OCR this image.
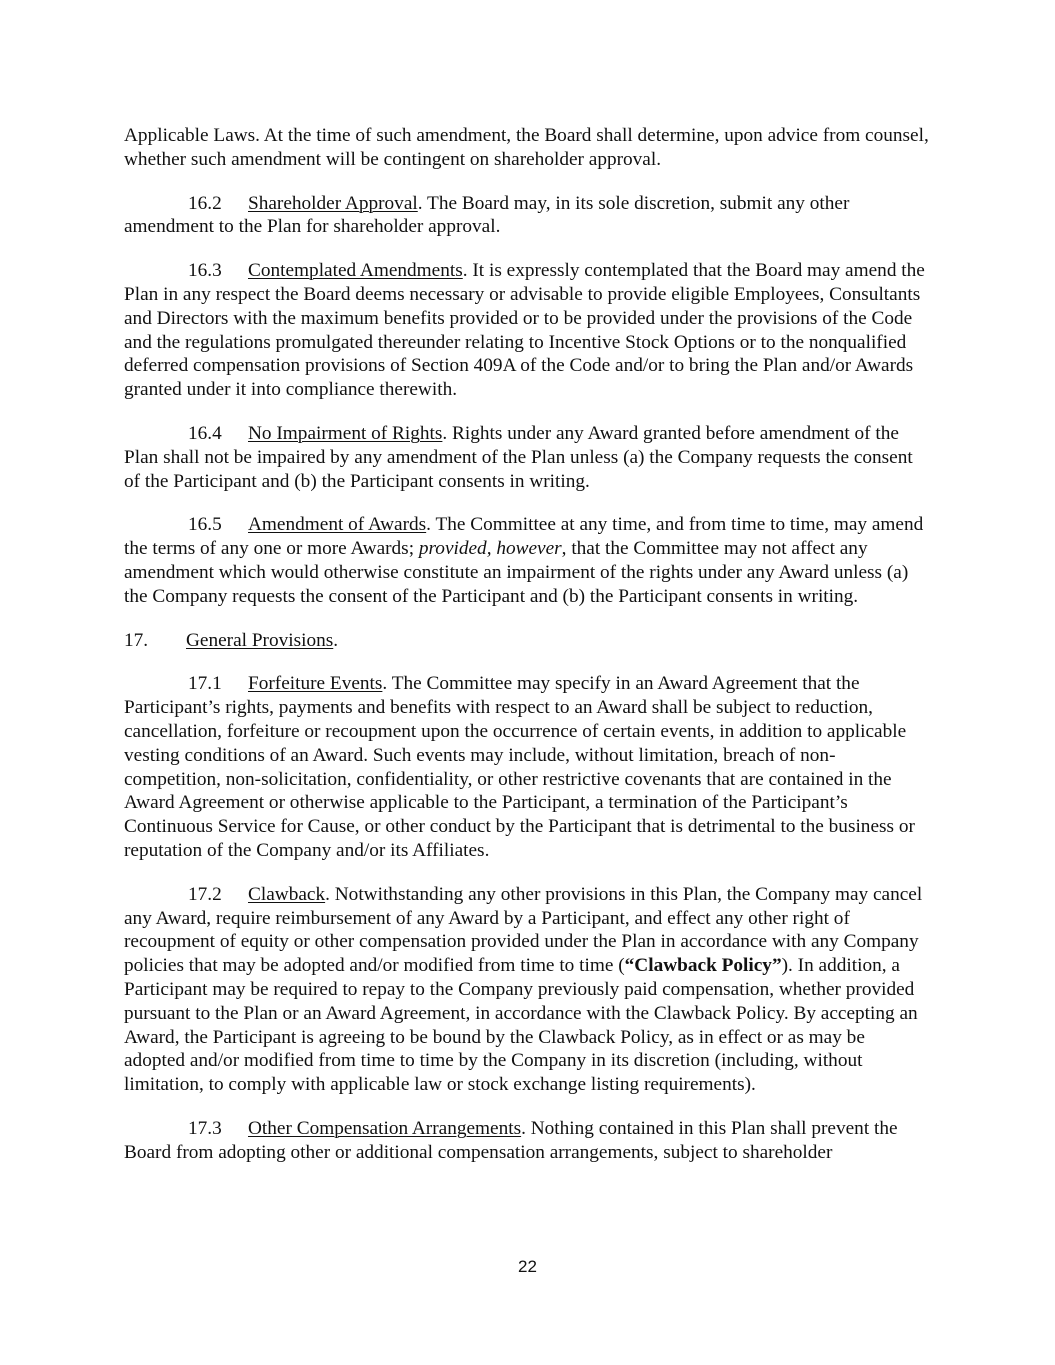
Applicable Laws. At the time of such amendment, the Board shall determine, upon advice from counsel, whether such amendment will be contingent on shareholder approval.

16.2 Shareholder Approval. The Board may, in its sole discretion, submit any other amendment to the Plan for shareholder approval.

16.3 Contemplated Amendments. It is expressly contemplated that the Board may amend the Plan in any respect the Board deems necessary or advisable to provide eligible Employees, Consultants and Directors with the maximum benefits provided or to be provided under the provisions of the Code and the regulations promulgated thereunder relating to Incentive Stock Options or to the nonqualified deferred compensation provisions of Section 409A of the Code and/or to bring the Plan and/or Awards granted under it into compliance therewith.

16.4 No Impairment of Rights. Rights under any Award granted before amendment of the Plan shall not be impaired by any amendment of the Plan unless (a) the Company requests the consent of the Participant and (b) the Participant consents in writing.

16.5 Amendment of Awards. The Committee at any time, and from time to time, may amend the terms of any one or more Awards; provided, however, that the Committee may not affect any amendment which would otherwise constitute an impairment of the rights under any Award unless (a) the Company requests the consent of the Participant and (b) the Participant consents in writing.

17. General Provisions.

17.1 Forfeiture Events. The Committee may specify in an Award Agreement that the Participant’s rights, payments and benefits with respect to an Award shall be subject to reduction, cancellation, forfeiture or recoupment upon the occurrence of certain events, in addition to applicable vesting conditions of an Award. Such events may include, without limitation, breach of non-competition, non-solicitation, confidentiality, or other restrictive covenants that are contained in the Award Agreement or otherwise applicable to the Participant, a termination of the Participant’s Continuous Service for Cause, or other conduct by the Participant that is detrimental to the business or reputation of the Company and/or its Affiliates.

17.2 Clawback. Notwithstanding any other provisions in this Plan, the Company may cancel any Award, require reimbursement of any Award by a Participant, and effect any other right of recoupment of equity or other compensation provided under the Plan in accordance with any Company policies that may be adopted and/or modified from time to time (“Clawback Policy”). In addition, a Participant may be required to repay to the Company previously paid compensation, whether provided pursuant to the Plan or an Award Agreement, in accordance with the Clawback Policy. By accepting an Award, the Participant is agreeing to be bound by the Clawback Policy, as in effect or as may be adopted and/or modified from time to time by the Company in its discretion (including, without limitation, to comply with applicable law or stock exchange listing requirements).

17.3 Other Compensation Arrangements. Nothing contained in this Plan shall prevent the Board from adopting other or additional compensation arrangements, subject to shareholder

22
